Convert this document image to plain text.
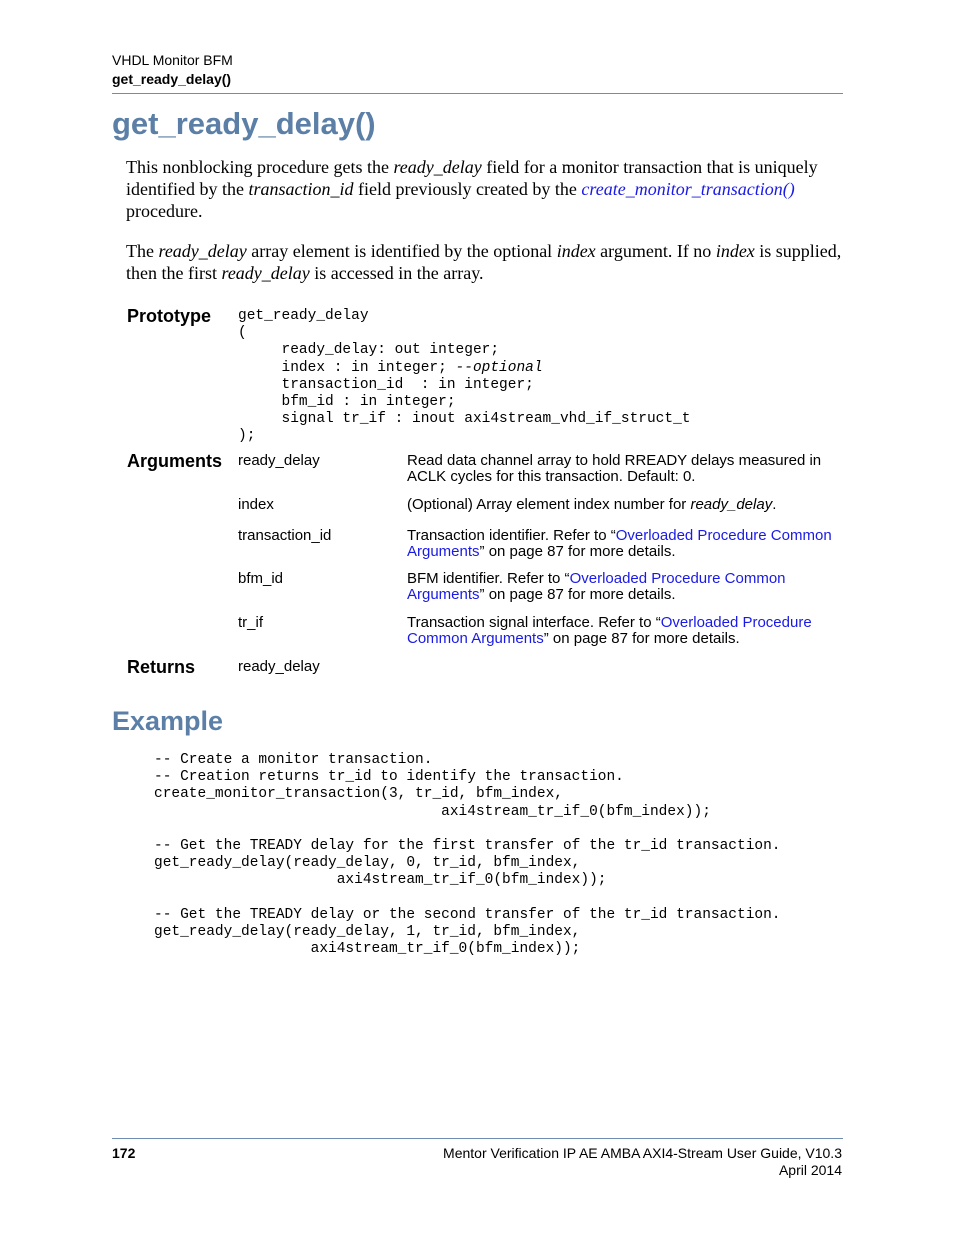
VHDL Monitor BFM
get_ready_delay()
get_ready_delay()

This nonblocking procedure gets the ready_delay field for a monitor transaction that is uniquely identified by the transaction_id field previously created by the create_monitor_transaction() procedure.

The ready_delay array element is identified by the optional index argument. If no index is supplied, then the first ready_delay is accessed in the array.

Prototype get_ready_delay
(
ready_delay: out integer;
index : in integer; --optional
transaction_id  : in integer;
bfm_id : in integer;
signal tr_if : inout axi4stream_vhd_if_struct_t
);
Arguments ready_delay	Read data channel array to hold RREADY delays measured in ACLK cycles for this transaction. Default: 0.
index	(Optional) Array element index number for ready_delay.
transaction_id	Transaction identifier. Refer to “Overloaded Procedure Common Arguments” on page 87 for more details.
bfm_id	BFM identifier. Refer to “Overloaded Procedure Common Arguments” on page 87 for more details.
tr_if	Transaction signal interface. Refer to “Overloaded Procedure Common Arguments” on page 87 for more details.
Returns	ready_delay
Example
-- Create a monitor transaction.
-- Creation returns tr_id to identify the transaction.
create_monitor_transaction(3, tr_id, bfm_index,
axi4stream_tr_if_0(bfm_index));

-- Get the TREADY delay for the first transfer of the tr_id transaction.
get_ready_delay(ready_delay, 0, tr_id, bfm_index,
axi4stream_tr_if_0(bfm_index));

-- Get the TREADY delay or the second transfer of the tr_id transaction.
get_ready_delay(ready_delay, 1, tr_id, bfm_index,
axi4stream_tr_if_0(bfm_index));
172	Mentor Verification IP AE AMBA AXI4-Stream User Guide, V10.3
April 2014
